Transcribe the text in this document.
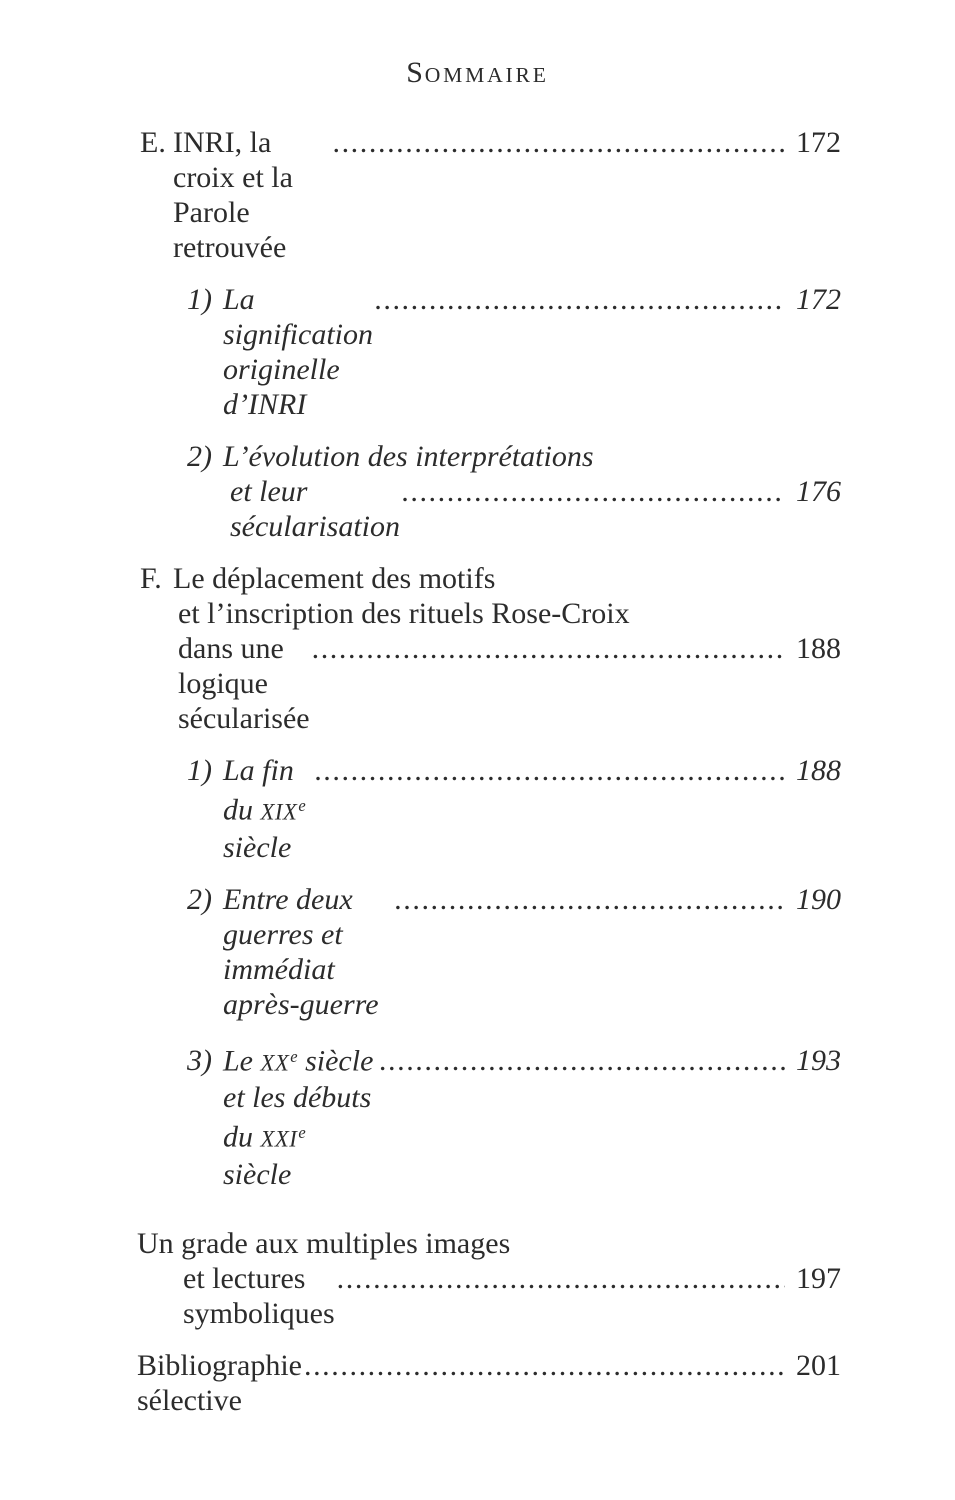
SOMMAIRE
E. INRI, la croix et la Parole retrouvée
.....
172
1) La signification originelle d’INRI
.....
172
2) L’évolution des interprétations
et leur sécularisation
.....
176
F. Le déplacement des motifs
et l’inscription des rituels Rose-Croix
dans une logique sécularisée
.....
188
1) La fin du XIXe siècle
.....
188
2) Entre deux guerres et immédiat après-guerre
.....
190
3) Le XXe siècle et les débuts du XXIe siècle
.....
193
Un grade aux multiples images
et lectures symboliques
.....
197
Bibliographie sélective
.....
201
